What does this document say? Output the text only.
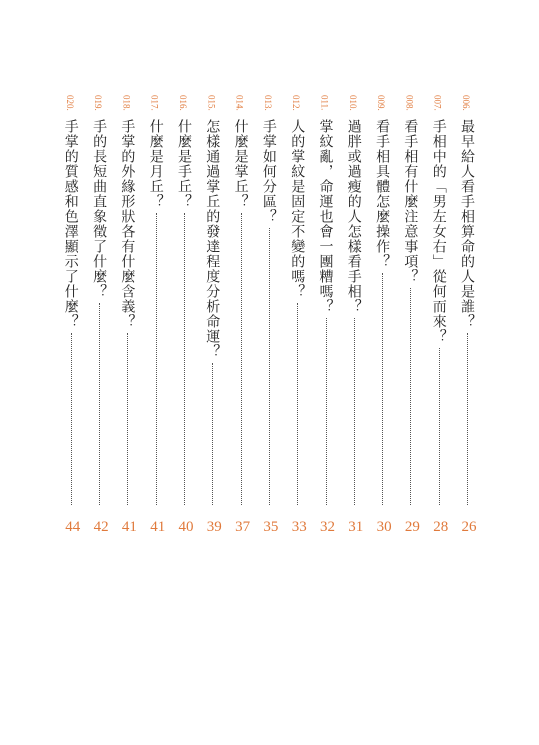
006.
最早給人看手相算命的人是誰？
26
007.
手相中的「男左女右」從何而來？
28
008.
看手相有什麼注意事項？
29
009.
看手相具體怎麼操作？
30
010.
過胖或過瘦的人怎樣看手相？
31
011.
掌紋亂，命運也會一團糟嗎？
32
012.
人的掌紋是固定不變的嗎？
33
013.
手掌如何分區？
35
014.
什麼是掌丘？
37
015.
怎樣通過掌丘的發達程度分析命運？
39
016.
什麼是手丘？
40
017.
什麼是月丘？
41
018.
手掌的外緣形狀各有什麼含義？
41
019.
手的長短曲直象徵了什麼？
42
020.
手掌的質感和色澤顯示了什麼？
44
